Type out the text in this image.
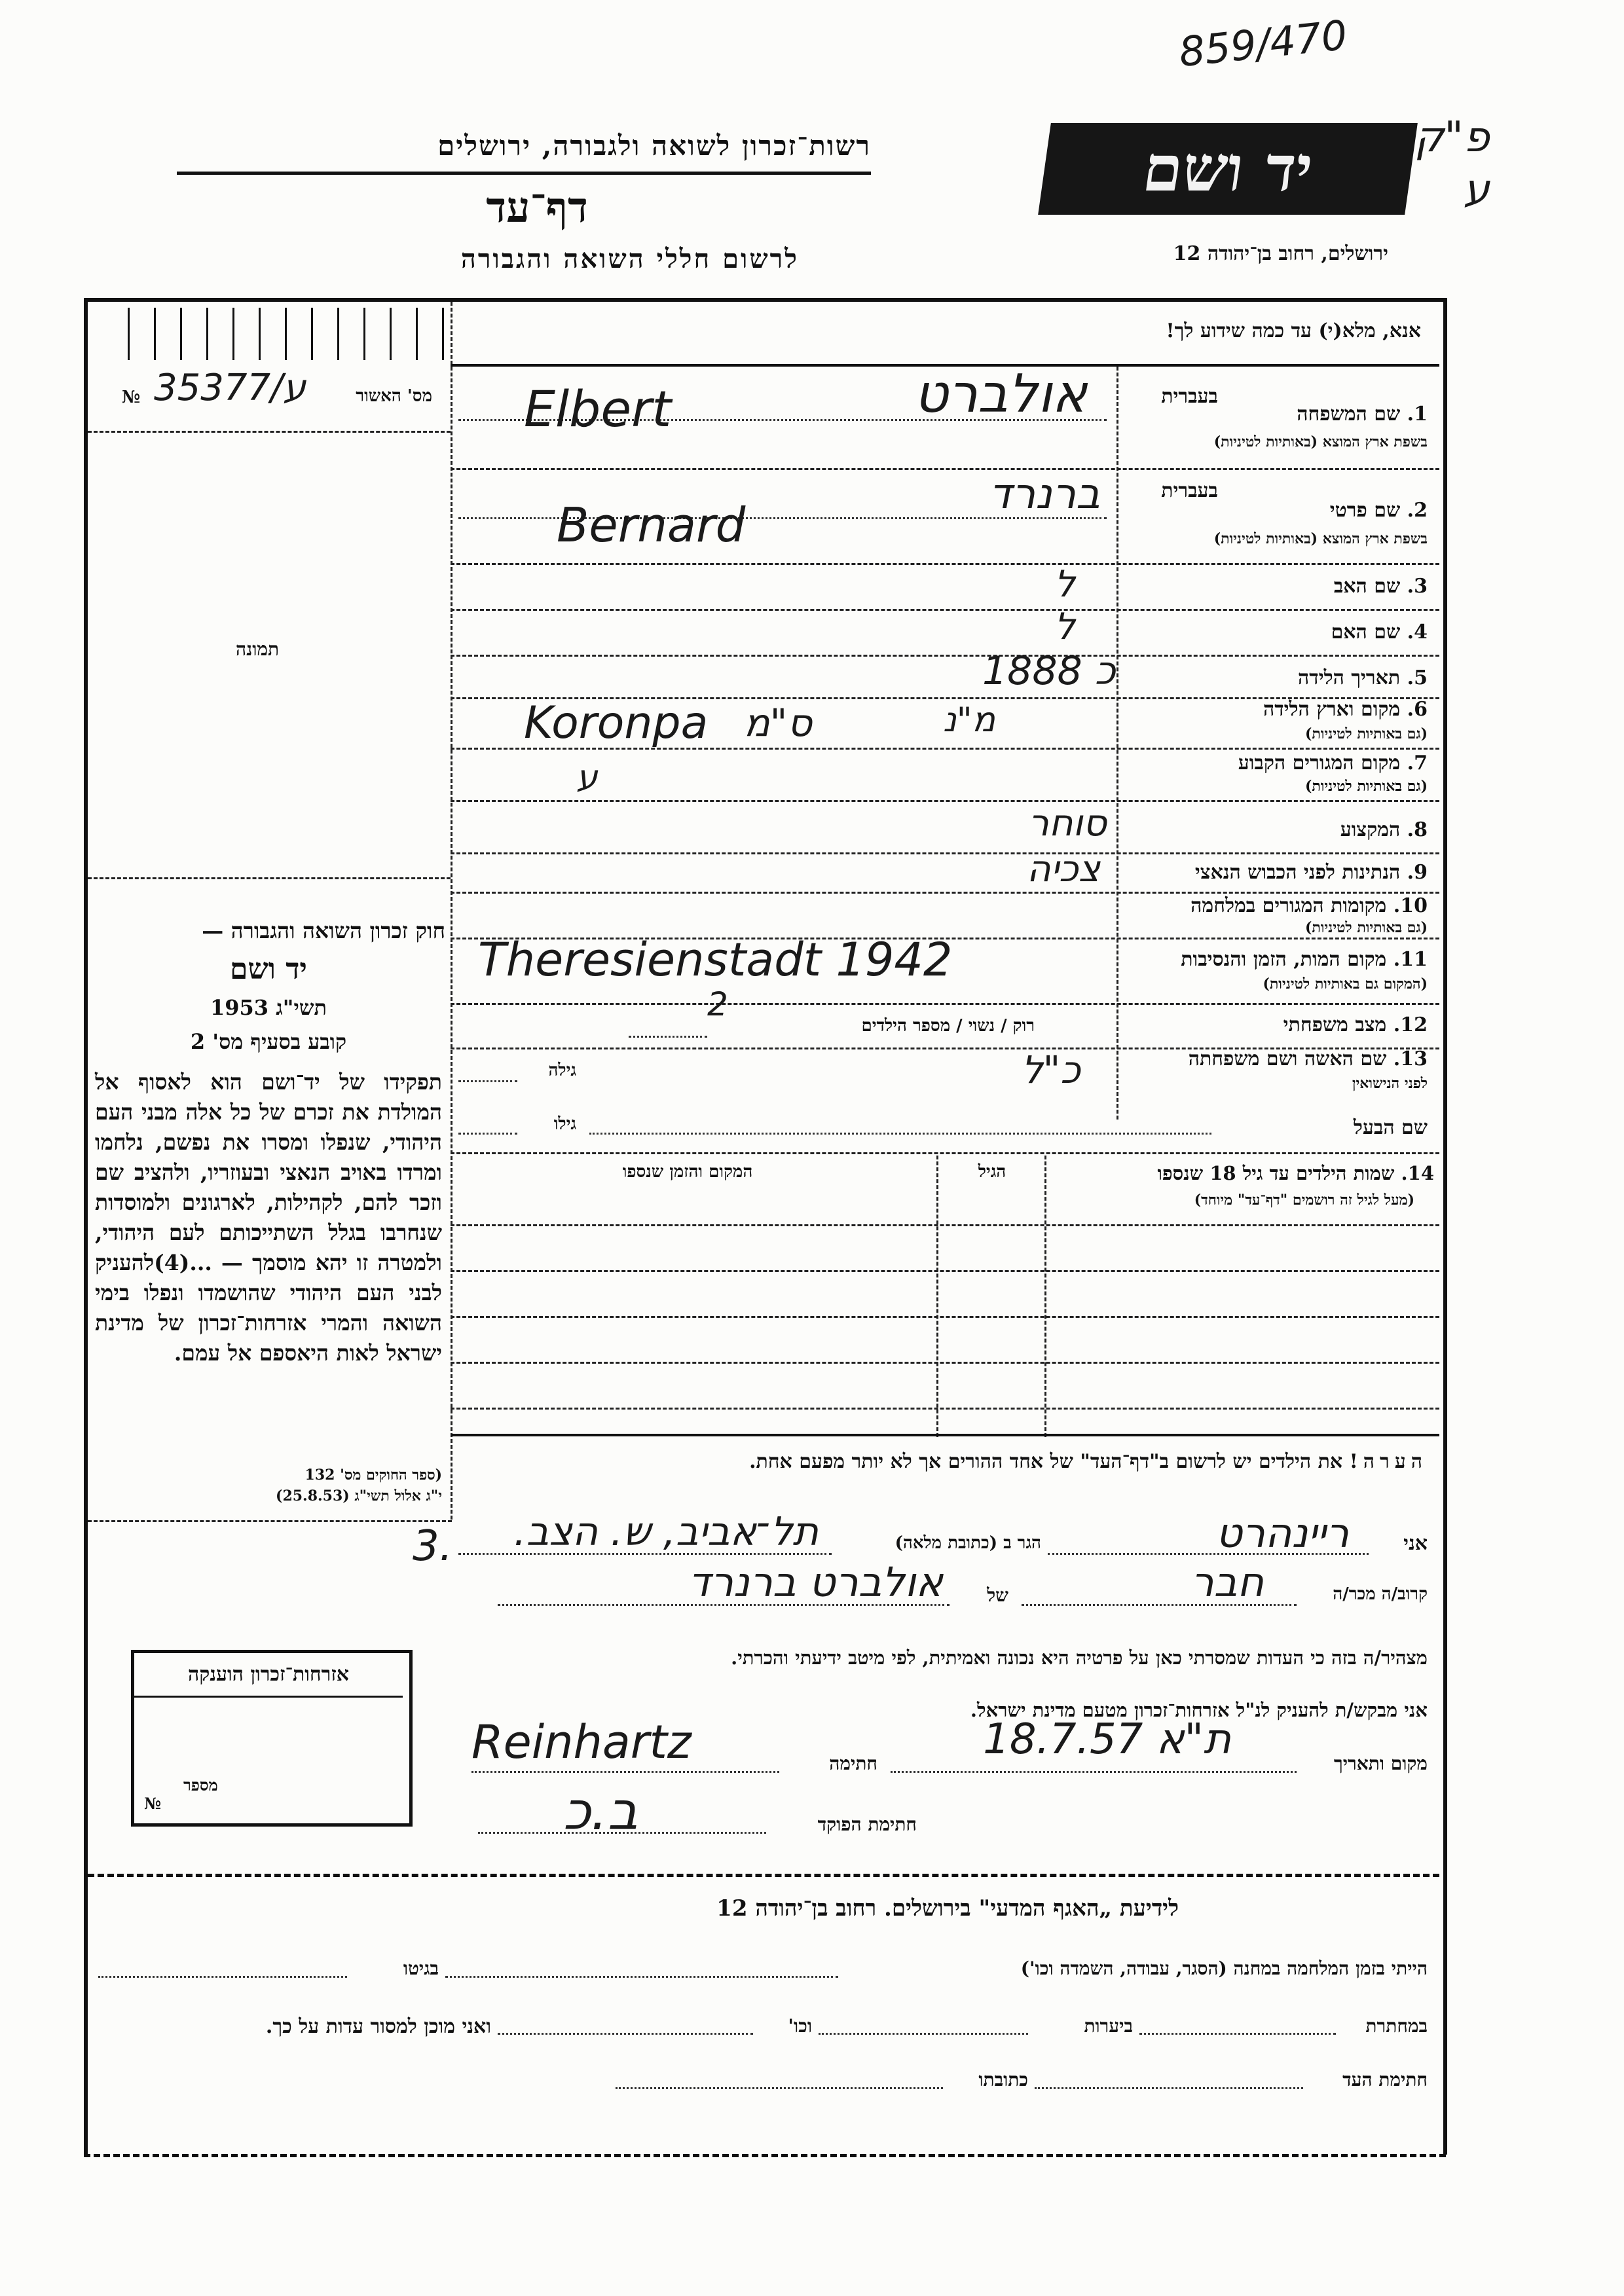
859/470
פ"ק
ע
רשות־זכרון לשואה ולגבורה, ירושלים
דף־עד
לרשום חללי השואה והגבורה
יד ושם
ירושלים, רחוב בן־יהודה 12
מס' האשור
№ 35377/ע
תמונה
חוק זכרון השואה והגבורה —
יד ושם
תשי"ג 1953
קובע בסעיף מס' 2
תפקידו של יד־ושם הוא לאסוף אל המולדת את זכרם של כל אלה מבני העם היהודי, שנפלו ומסרו את נפשם, נלחמו ומרדו באויב הנאצי ובעוזריו, ולהציב שם וזכר להם, לקהילות, לארגונים ולמוסדות שנחרבו בגלל השתייכותם לעם היהודי, ולמטרה זו יהא מוסמך — ...(4)להעניק לבני העם היהודי שהושמדו ונפלו בימי השואה והמרי אזרחות־זכרון של מדינת ישראל לאות היאספם אל עמם.
(ספר החוקים מס' 132
י"ג אלול תשי"ג (25.8.53)
אנא, מלא(י) עד כמה שידוע לך!
בעברית
1. שם המשפחה
בשפת ארץ המוצא (באותיות לטיניות)
אולברט
Elbert
בעברית
2. שם פרטי
בשפת ארץ המוצא (באותיות לטיניות)
ברנרד
Bernard
3. שם האב
ל
4. שם האם
ל
5. תאריך הלידה
1888 כ
6. מקום וארץ הלידה
(גם באותיות לטיניות)
Koronpa ס"מ	מ"נ
7. מקום המגורים הקבוע
(גם באותיות לטיניות)
ע
8. המקצוע
סוחר
9. הנתינות לפני הכבוש הנאצי
צכיה
10. מקומות המגורים במלחמה
(גם באותיות לטיניות)
11. מקום המות, הזמן והנסיבות
(המקום גם באותיות לטיניות)
Theresienstadt 1942
12. מצב משפחתי
רוק / נשוי / מספר הילדים
2
13. שם האשה ושם משפחתה
לפני הנישואין
גילה	כ"ל
שם הבעל
גילו
14. שמות הילדים עד גיל 18 שנספו
(מעל לגיל זה רושמים "דף־עד" מיוחד)
הגיל
המקום והזמן שנספו
הערה! את הילדים יש לרשום ב"דף־העד" של אחד ההורים אך לא יותר מפעם אחת.
3.	אני
ריינהרט
הגר ב (כתובת מלאה)
תל־אביב, ש. הצב.
קרוב/ה מכר/ה
חבר
של
אולברט ברנרד
מצהיר/ה בזה כי העדות שמסרתי כאן על פרטיה היא נכונה ואמיתית, לפי מיטב ידיעתי והכרתי.
אני מבקש/ת להעניק לנ"ל אזרחות־זכרון מטעם מדינת ישראל.
מקום ותאריך
ת"א 18.7.57
חתימה
Reinhartz
חתימת הפוקד
ב.כ
אזרחות־זכרון הוענקה
מספר
№
לידיעת „האגף המדעי" בירושלים. רחוב בן־יהודה 12
הייתי בזמן המלחמה במחנה (הסגר, עבודה, השמדה וכו')
בגיטו
במחתרת
ביערות
וכו'
ואני מוכן למסור עדות על כך.
חתימת העד
כתובתו
